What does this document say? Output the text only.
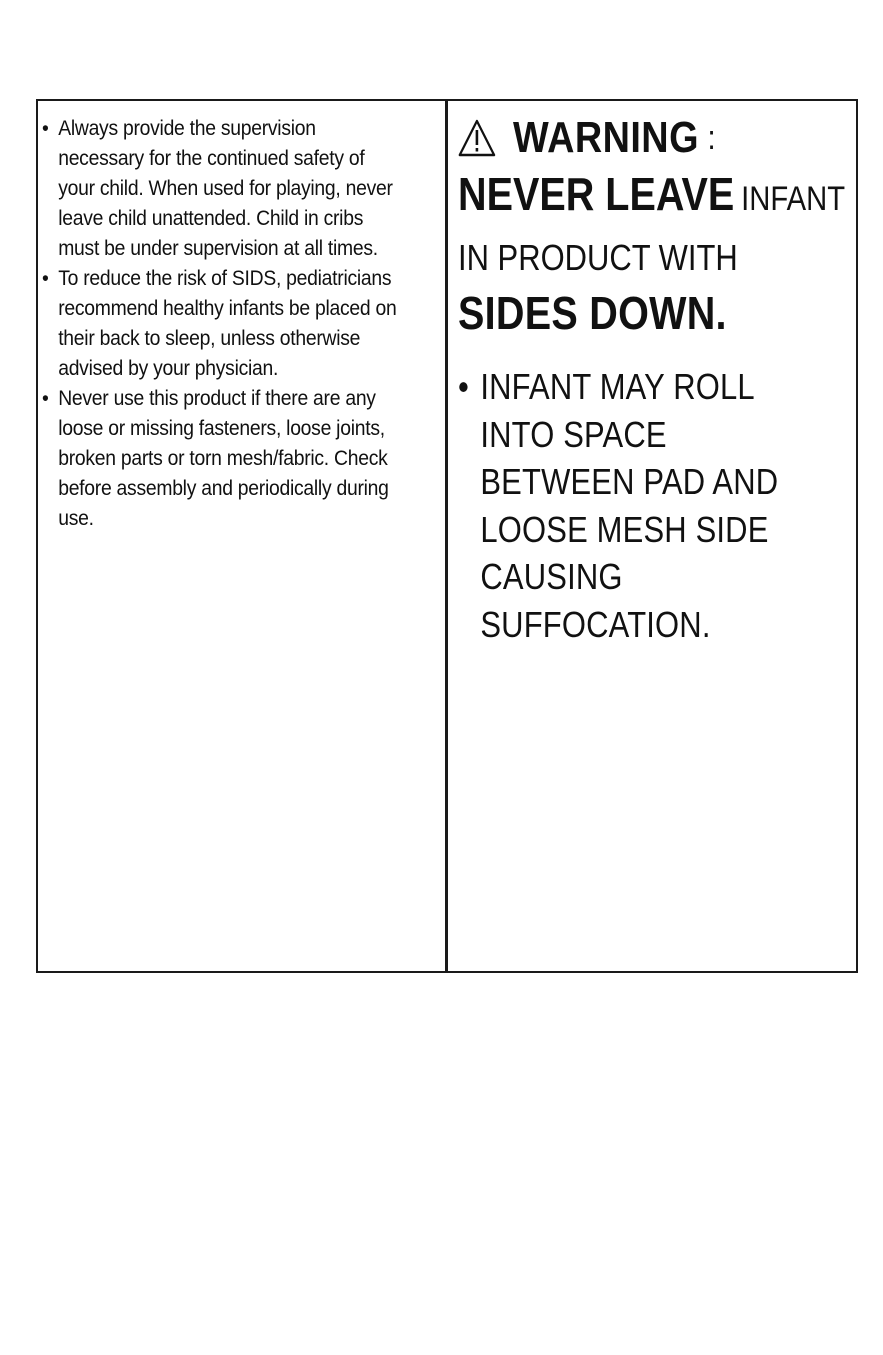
• Always provide the supervision necessary for the continued safety of your child. When used for playing, never leave child unattended. Child in cribs must be under supervision at all times.

• To reduce the risk of SIDS, pediatricians recommend healthy infants be placed on their back to sleep, unless otherwise advised by your physician.

• Never use this product if there are any loose or missing fasteners, loose joints, broken parts or torn mesh/fabric. Check before assembly and periodically during use.

WARNING :
NEVER LEAVE INFANT
IN PRODUCT WITH
SIDES DOWN.
• INFANT MAY ROLL INTO SPACE BETWEEN PAD AND LOOSE MESH SIDE CAUSING SUFFOCATION.
